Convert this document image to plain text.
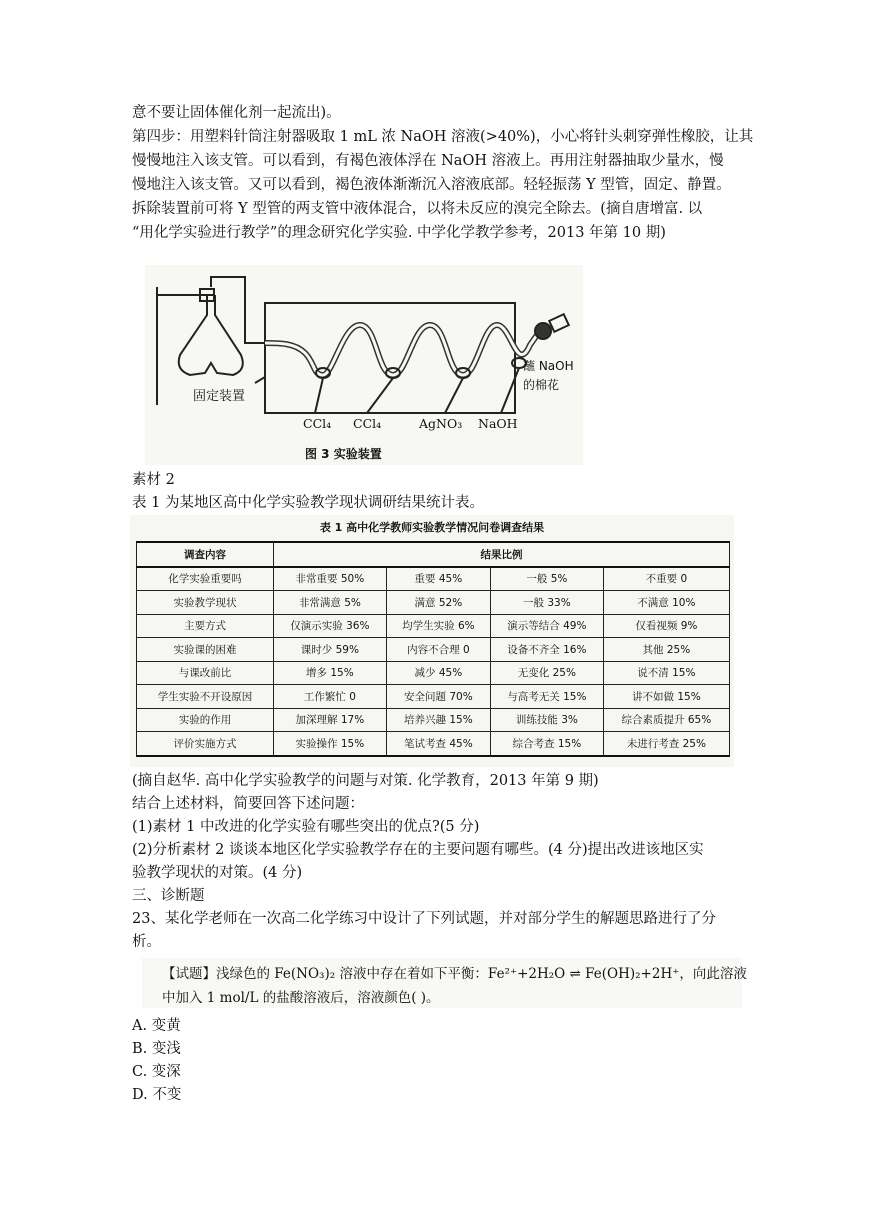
意不要让固体催化剂一起流出)。
第四步：用塑料针筒注射器吸取 1 mL 浓 NaOH 溶液(>40%)，小心将针头刺穿弹性橡胶，让其
慢慢地注入该支管。可以看到，有褐色液体浮在 NaOH 溶液上。再用注射器抽取少量水，慢
慢地注入该支管。又可以看到，褐色液体渐渐沉入溶液底部。轻轻振荡 Y 型管，固定、静置。
拆除装置前可将 Y 型管的两支管中液体混合，以将未反应的溴完全除去。(摘自唐增富. 以
“用化学实验进行教学”的理念研究化学实验. 中学化学教学参考，2013 年第 10 期)
固定装置
CCl₄ CCl₄	AgNO₃ NaOH
蘸 NaOH
的棉花
图 3 实验装置
素材 2
表 1 为某地区高中化学实验教学现状调研结果统计表。
表 1 高中化学教师实验教学情况问卷调查结果
调查内容	结果比例			
化学实验重要吗	非常重要 50%	重要 45%	一般 5%	不重要 0
实验教学现状	非常满意 5%	满意 52%	一般 33%	不满意 10%
主要方式	仅演示实验 36%	均学生实验 6%	演示等结合 49%	仅看视频 9%
实验课的困难	课时少 59%	内容不合理 0	设备不齐全 16%	其他 25%
与课改前比	增多 15%	减少 45%	无变化 25%	说不清 15%
学生实验不开设原因	工作繁忙 0	安全问题 70%	与高考无关 15%	讲不如做 15%
实验的作用	加深理解 17%	培养兴趣 15%	训练技能 3%	综合素质提升 65%
评价实施方式	实验操作 15%	笔试考查 45%	综合考查 15%	未进行考查 25%
(摘自赵华. 高中化学实验教学的问题与对策. 化学教育，2013 年第 9 期)
结合上述材料，简要回答下述问题：
(1)素材 1 中改进的化学实验有哪些突出的优点?(5 分)
(2)分析素材 2 谈谈本地区化学实验教学存在的主要问题有哪些。(4 分)提出改进该地区实
验教学现状的对策。(4 分)
三、诊断题
23、某化学老师在一次高二化学练习中设计了下列试题，并对部分学生的解题思路进行了分
析。
【试题】浅绿色的 Fe(NO₃)₂ 溶液中存在着如下平衡：Fe²⁺+2H₂O ⇌ Fe(OH)₂+2H⁺，向此溶液
中加入 1 mol/L 的盐酸溶液后，溶液颜色( )。
A. 变黄
B. 变浅
C. 变深
D. 不变
